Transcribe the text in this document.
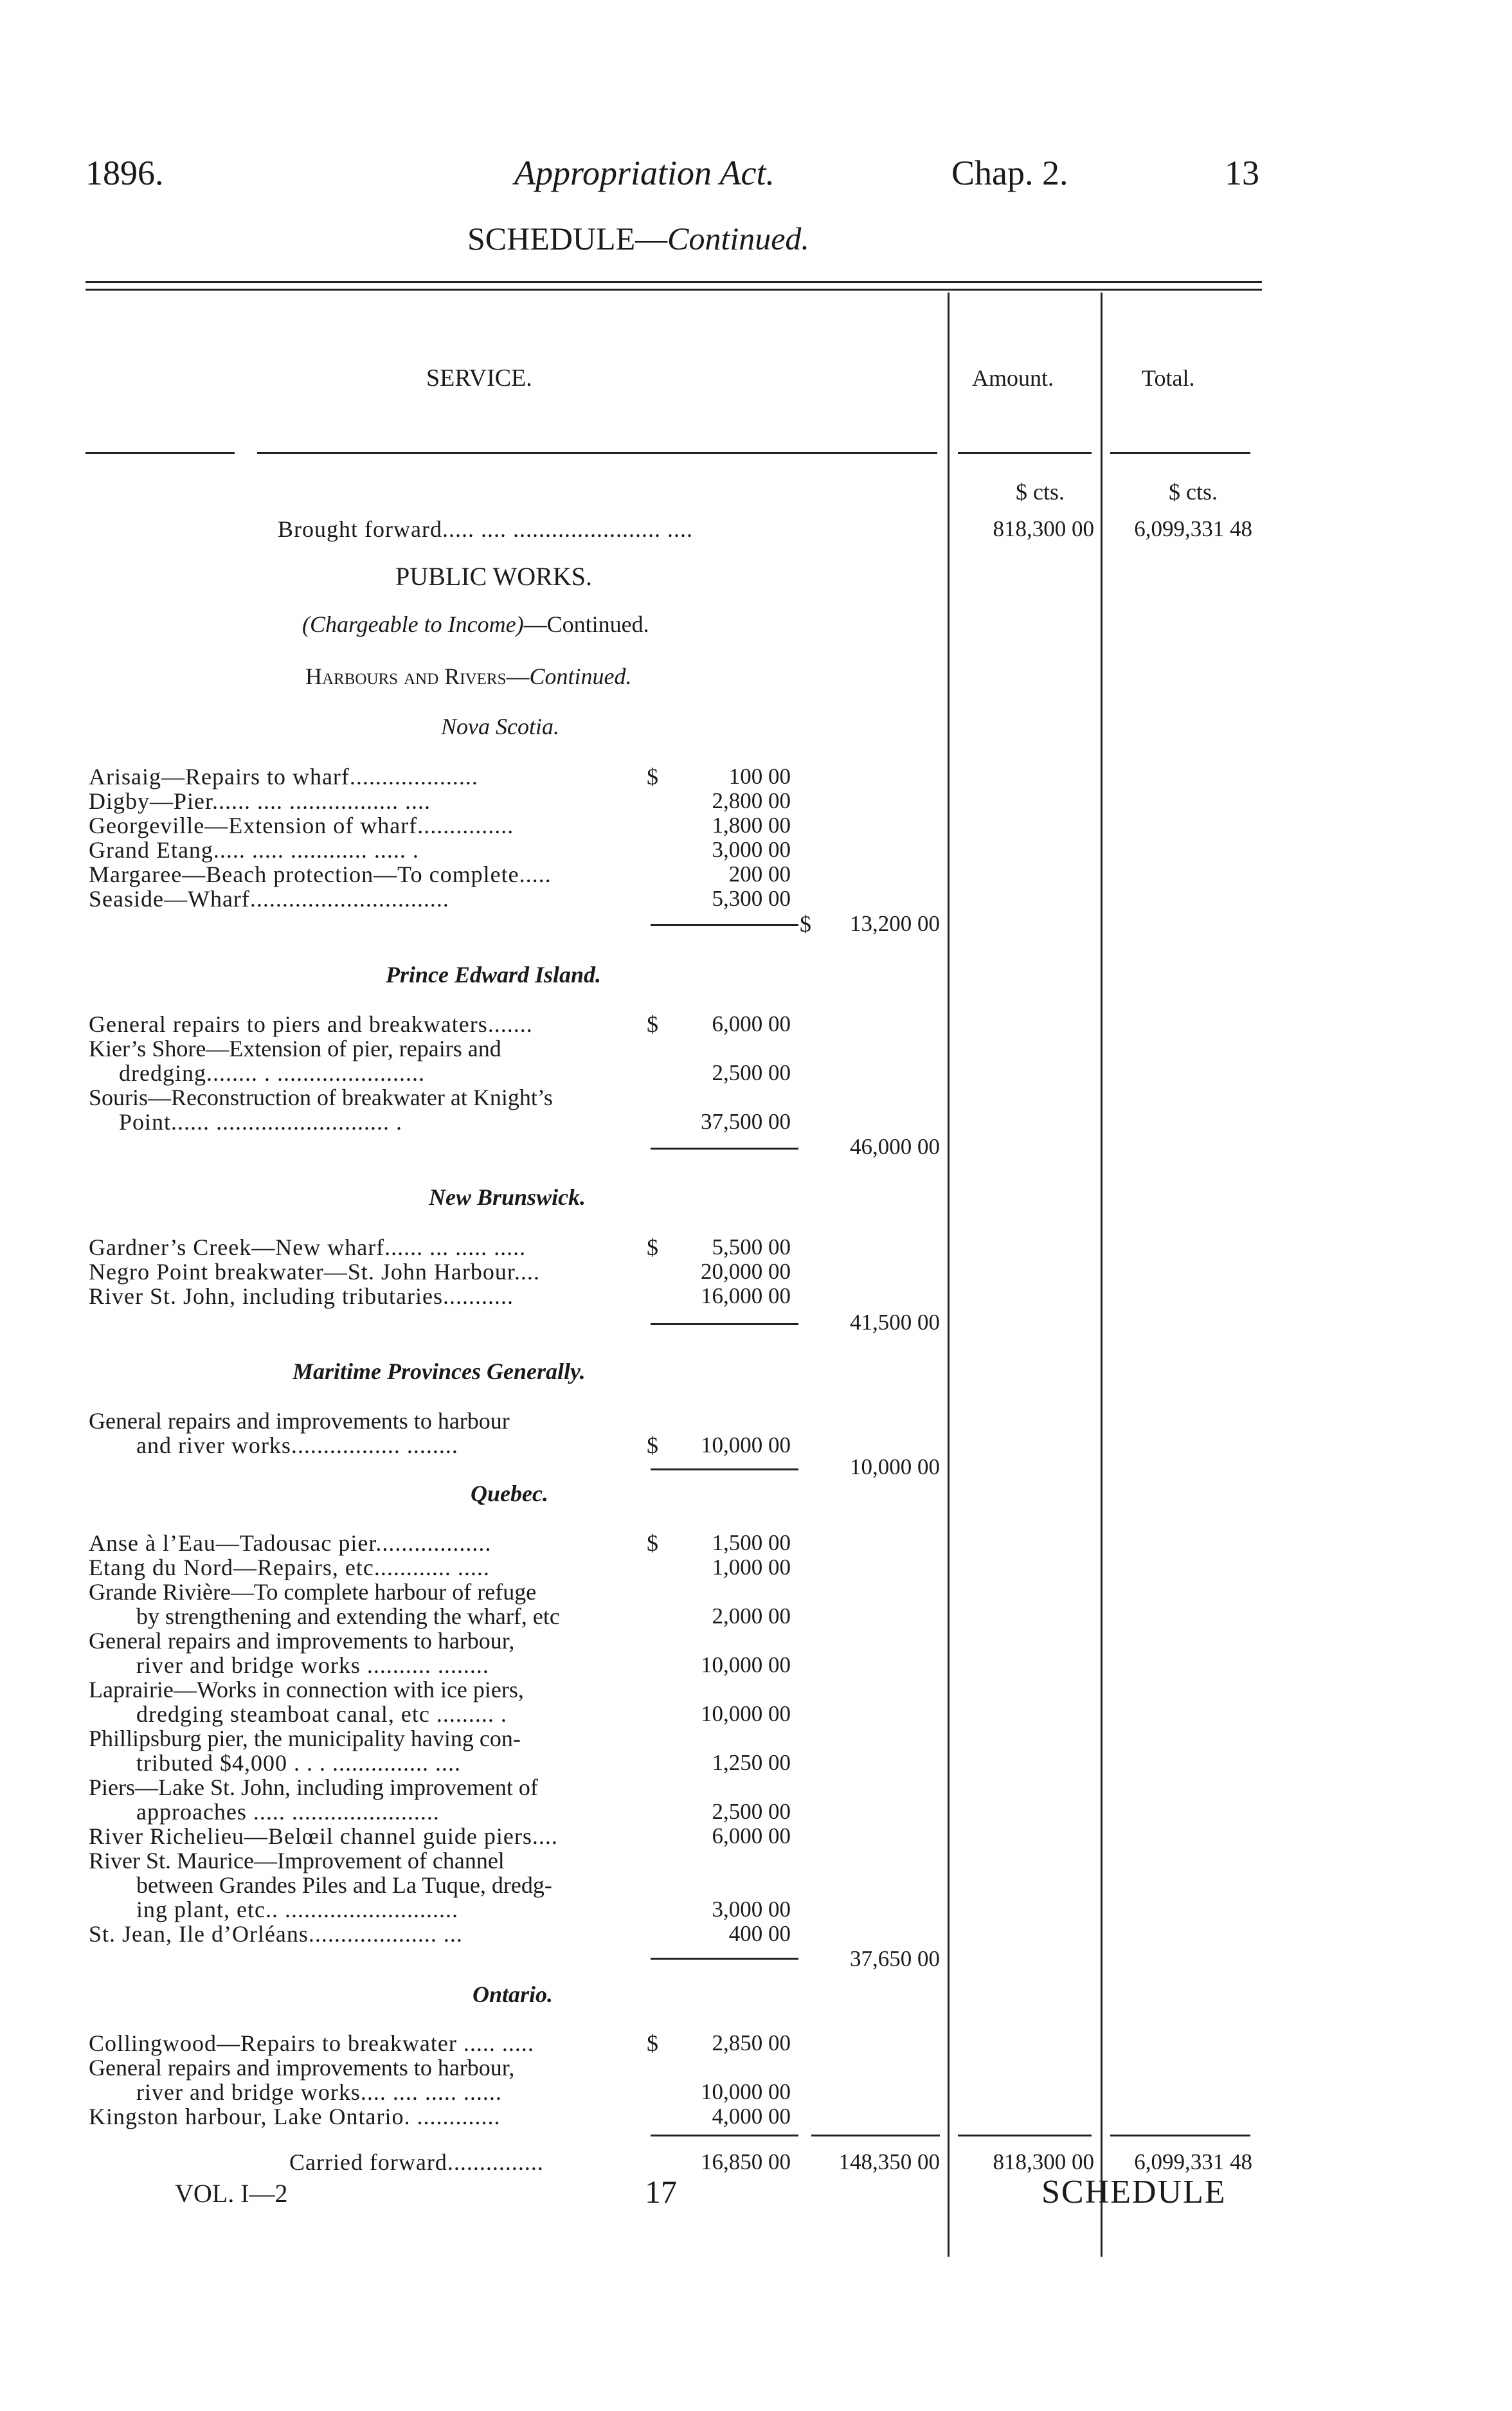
1896.	Appropriation Act.	Chap. 2.	13
SCHEDULE—Continued.
SERVICE.	Amount.	Total.
$ cts.	$ cts.
Brought forward..... .... ....................... ....	818,300 00	6,099,331 48
PUBLIC WORKS.
(Chargeable to Income)—Continued.
Harbours and Rivers—Continued.
Nova Scotia.
Arisaig—Repairs to wharf....................	$	100 00
Digby—Pier...... .... ................. ....	2,800 00
Georgeville—Extension of wharf...............	1,800 00
Grand Etang..... ..... ............ ..... .	3,000 00
Margaree—Beach protection—To complete.....	200 00
Seaside—Wharf...............................	5,300 00
$	13,200 00
Prince Edward Island.
General repairs to piers and breakwaters.......	$	6,000 00
Kier’s Shore—Extension of pier, repairs and
dredging........ . .......................	2,500 00
Souris—Reconstruction of breakwater at Knight’s
Point...... ........................... .	37,500 00
46,000 00
New Brunswick.
Gardner’s Creek—New wharf...... ... ..... .....	$	5,500 00
Negro Point breakwater—St. John Harbour....	20,000 00
River St. John, including tributaries...........	16,000 00
41,500 00
Maritime Provinces Generally.
General repairs and improvements to harbour
and river works................. ........	$	10,000 00
10,000 00
Quebec.
Anse à l’Eau—Tadousac pier..................	$	1,500 00
Etang du Nord—Repairs, etc............ .....	1,000 00
Grande Rivière—To complete harbour of refuge
by strengthening and extending the wharf, etc	2,000 00
General repairs and improvements to harbour,
river and bridge works .......... ........	10,000 00
Laprairie—Works in connection with ice piers,
dredging steamboat canal, etc ......... .	10,000 00
Phillipsburg pier, the municipality having con-
tributed $4,000 . . . ............... ....	1,250 00
Piers—Lake St. John, including improvement of
approaches ..... .......................	2,500 00
River Richelieu—Belœil channel guide piers....	6,000 00
River St. Maurice—Improvement of channel
between Grandes Piles and La Tuque, dredg-
ing plant, etc.. ...........................	3,000 00
St. Jean, Ile d’Orléans.................... ...	400 00
37,650 00
Ontario.
Collingwood—Repairs to breakwater ..... .....	$	2,850 00
General repairs and improvements to harbour,
river and bridge works.... .... ..... ......	10,000 00
Kingston harbour, Lake Ontario. .............	4,000 00
Carried forward...............	16,850 00	148,350 00	818,300 00	6,099,331 48
VOL. I—2	17	SCHEDULE
